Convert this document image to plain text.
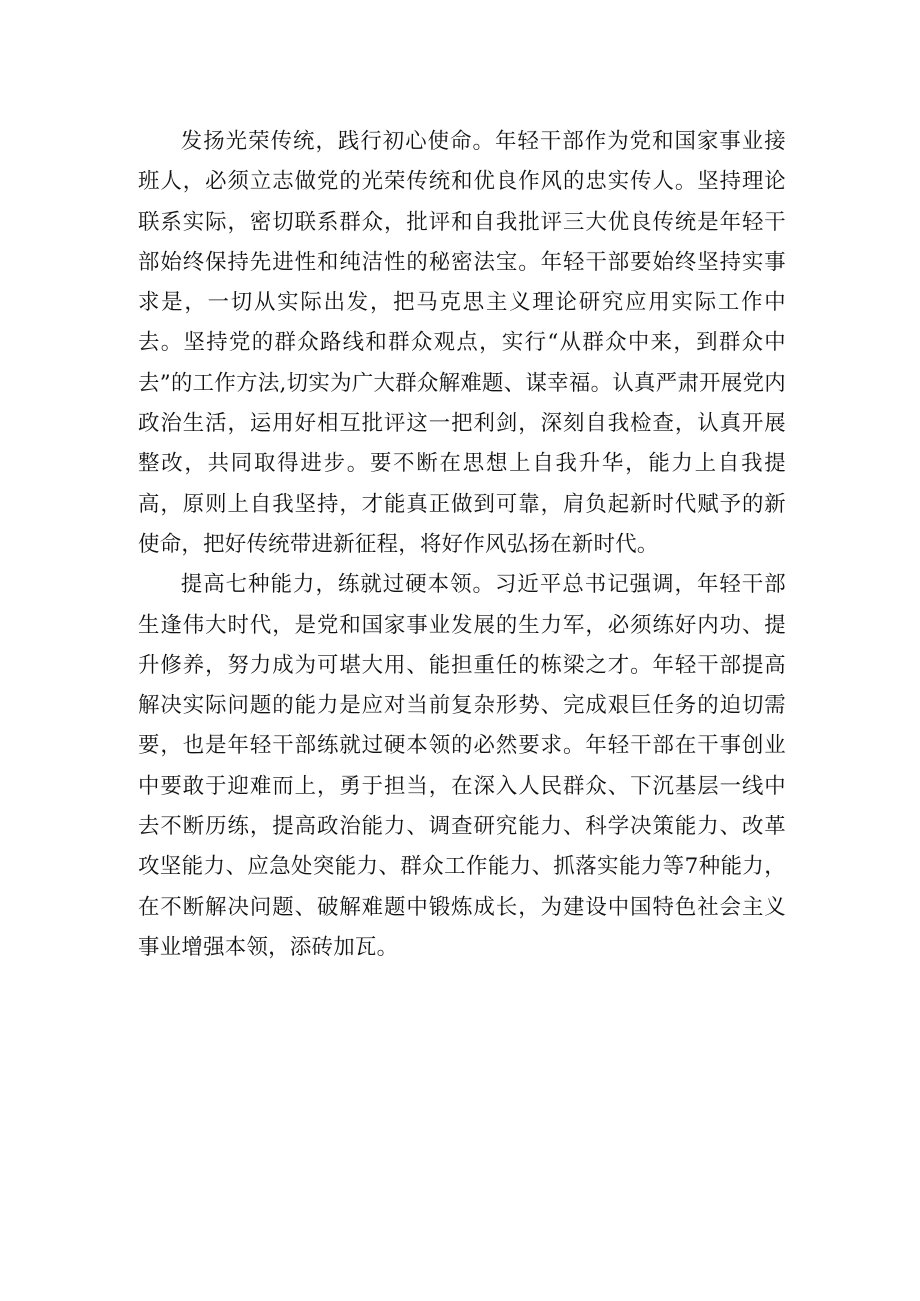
发扬光荣传统，践行初心使命。年轻干部作为党和国家事业接班人，必须立志做党的光荣传统和优良作风的忠实传人。坚持理论联系实际，密切联系群众，批评和自我批评三大优良传统是年轻干部始终保持先进性和纯洁性的秘密法宝。年轻干部要始终坚持实事求是，一切从实际出发，把马克思主义理论研究应用实际工作中去。坚持党的群众路线和群众观点，实行“从群众中来，到群众中去”的工作方法,切实为广大群众解难题、谋幸福。认真严肃开展党内政治生活，运用好相互批评这一把利剑，深刻自我检查，认真开展整改，共同取得进步。要不断在思想上自我升华，能力上自我提高，原则上自我坚持，才能真正做到可靠，肩负起新时代赋予的新使命，把好传统带进新征程，将好作风弘扬在新时代。

提高七种能力，练就过硬本领。习近平总书记强调，年轻干部生逢伟大时代，是党和国家事业发展的生力军，必须练好内功、提升修养，努力成为可堪大用、能担重任的栋梁之才。年轻干部提高解决实际问题的能力是应对当前复杂形势、完成艰巨任务的迫切需要，也是年轻干部练就过硬本领的必然要求。年轻干部在干事创业中要敢于迎难而上，勇于担当，在深入人民群众、下沉基层一线中去不断历练，提高政治能力、调查研究能力、科学决策能力、改革攻坚能力、应急处突能力、群众工作能力、抓落实能力等7种能力，在不断解决问题、破解难题中锻炼成长，为建设中国特色社会主义事业增强本领，添砖加瓦。
